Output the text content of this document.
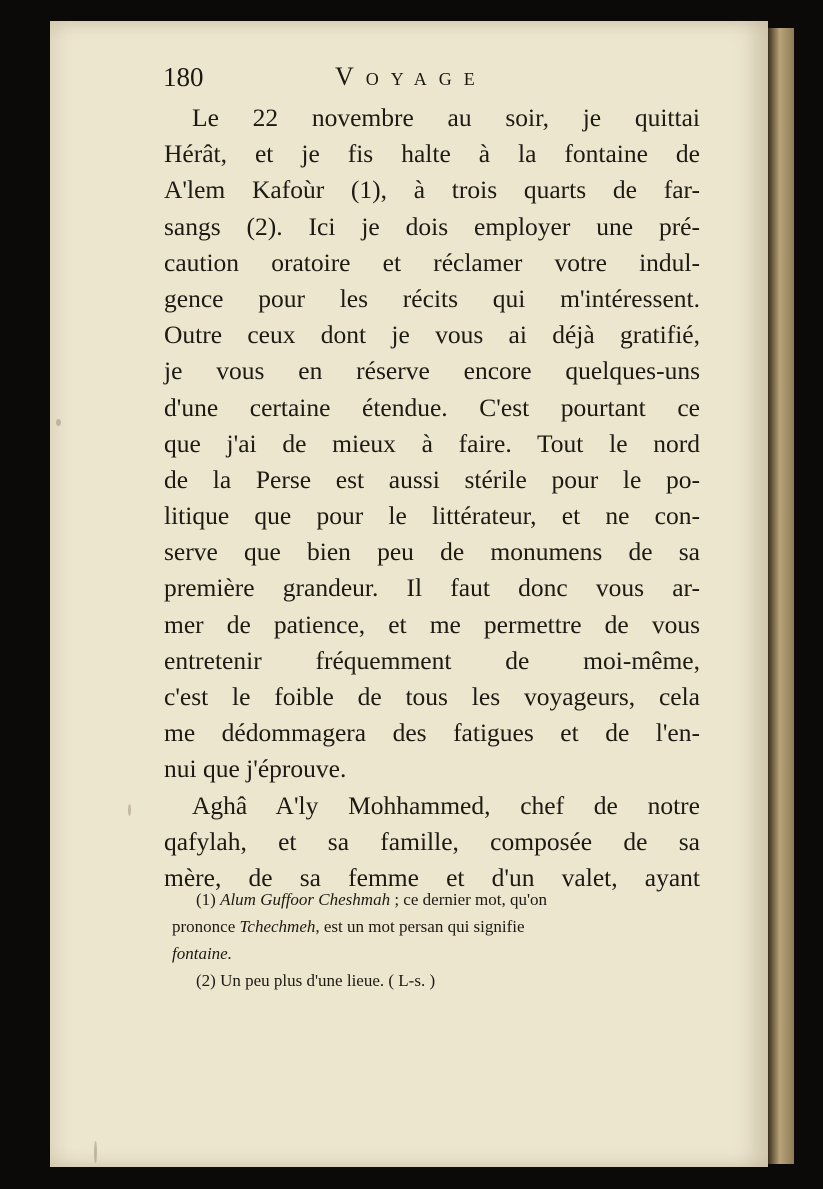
180	Voyage
Le 22 novembre au soir, je quittai
Hérât, et je fis halte à la fontaine de
A'lem Kafoùr (1), à trois quarts de far-
sangs (2). Ici je dois employer une pré-
caution oratoire et réclamer votre indul-
gence pour les récits qui m'intéressent.
Outre ceux dont je vous ai déjà gratifié,
je vous en réserve encore quelques-uns
d'une certaine étendue. C'est pourtant ce
que j'ai de mieux à faire. Tout le nord
de la Perse est aussi stérile pour le po-
litique que pour le littérateur, et ne con-
serve que bien peu de monumens de sa
première grandeur. Il faut donc vous ar-
mer de patience, et me permettre de vous
entretenir fréquemment de moi-même,
c'est le foible de tous les voyageurs, cela
me dédommagera des fatigues et de l'en-
nui que j'éprouve.
Aghâ A'ly Mohhammed, chef de notre
qafylah, et sa famille, composée de sa
mère, de sa femme et d'un valet, ayant
(1) Alum Guffoor Cheshmah ; ce dernier mot, qu'on
prononce Tchechmeh, est un mot persan qui signifie
fontaine.
(2) Un peu plus d'une lieue. ( L-s. )
